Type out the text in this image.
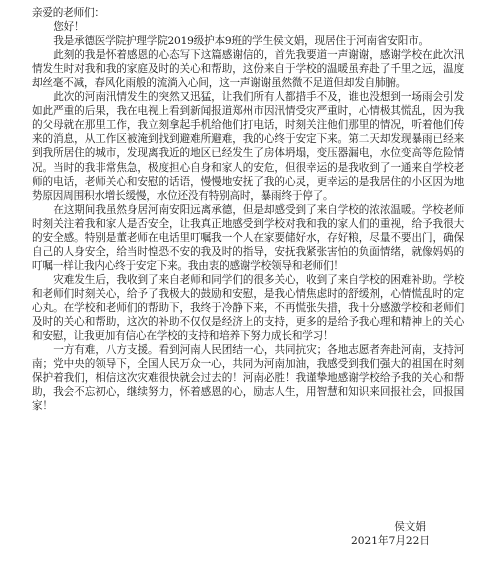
亲爱的老师们：

您好！

我是承德医学院护理学院2019级护本9班的学生侯文娟，现居住于河南省安阳市。

此刻的我是怀着感恩的心态写下这篇感谢信的，首先我要道一声谢谢，感谢学校在此次汛情发生时对我和我的家庭及时的关心和帮助，这份来自于学校的温暖虽弃赴了千里之远，温度却丝毫不减，春风化雨般的流淌入心间，这一声谢谢虽然微不足道但却发自肺腑。

此次的河南汛情发生的突然又迅猛，让我们所有人都措手不及，谁也没想到一场雨会引发如此严重的后果，我在电视上看到新闻报道郑州市因汛情受灾严重时，心情极其慌乱，因为我的父母就在那里工作，我立刻拿起手机给他们打电话，时刻关注他们那里的情况，听着他们传来的消息，从工作区被淹到找到避难所避难，我的心终于安定下来。第二天却发现暴雨已经来到我所居住的城市，发现离我近的地区已经发生了房体坍塌，变压器漏电，水位变高等危险情况。当时的我非常焦急，极度担心自身和家人的安危，但很幸运的是我收到了一通来自学校老师的电话，老师关心和安慰的话语，慢慢地安抚了我的心灵，更幸运的是我居住的小区因为地势原因周围积水增长缓慢，水位还没有特别高时，暴雨终于停了。

在这期间我虽然身居河南安阳远离承德，但是却感受到了来自学校的浓浓温暖。学校老师时刻关注着我和家人是否安全，让我真正地感受到学校对我和我的家人们的重视，给予我很大的安全感。特别是董老师在电话里叮嘱我一个人在家要储好水，存好粮，尽量不要出门，确保自己的人身安全，给当时惶恐不安的我及时的指导，安抚我紧张害怕的负面情绪，就像妈妈的叮嘱一样让我内心终于安定下来。我由衷的感谢学校领导和老师们！

灾难发生后，我收到了来自老师和同学们的很多关心，收到了来自学校的困难补助。学校和老师们时刻关心，给予了我极大的鼓励和安慰，是我心情焦虑时的舒缓剂，心情慌乱时的定心丸。在学校和老师们的帮助下，我终于冷静下来，不再慌张失措，我十分感激学校和老师们及时的关心和帮助，这次的补助不仅仅是经济上的支持，更多的是给予我心理和精神上的关心和安慰，让我更加有信心在学校的支持和培养下努力成长和学习！

一方有难，八方支援。看到河南人民团结一心，共同抗灾；各地志愿者奔赴河南，支持河南；党中央的领导下，全国人民万众一心，共同为河南加油，我感受到我们强大的祖国在时刻保护着我们，相信这次灾难很快就会过去的！河南必胜！我谨挚地感谢学校给予我的关心和帮助，我会不忘初心，继续努力，怀着感恩的心，励志人生，用智慧和知识来回报社会，回报国家！

侯文娟
2021年7月22日
